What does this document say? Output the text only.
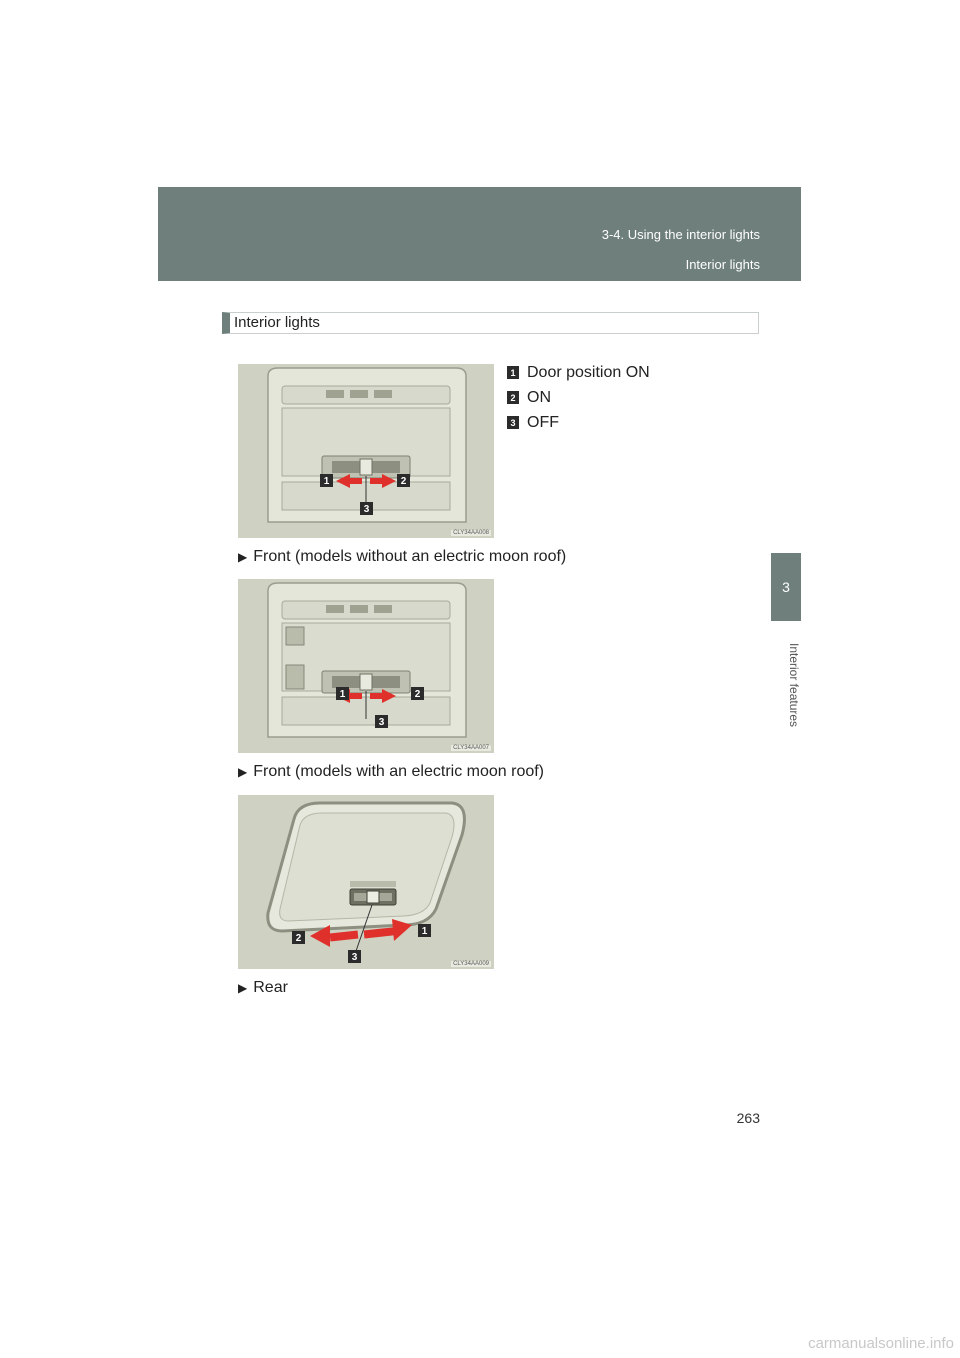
3-4. Using the interior lights
Interior lights
3
Interior features
Interior lights
1 Door position ON
2 ON
3 OFF
1	2
3
CLY34AA008
▶ Front (models without an electric moon roof)
1	2
3
CLY34AA007
▶ Front (models with an electric moon roof)
2
1
3
CLY34AA009
▶ Rear
263
carmanualsonline.info
